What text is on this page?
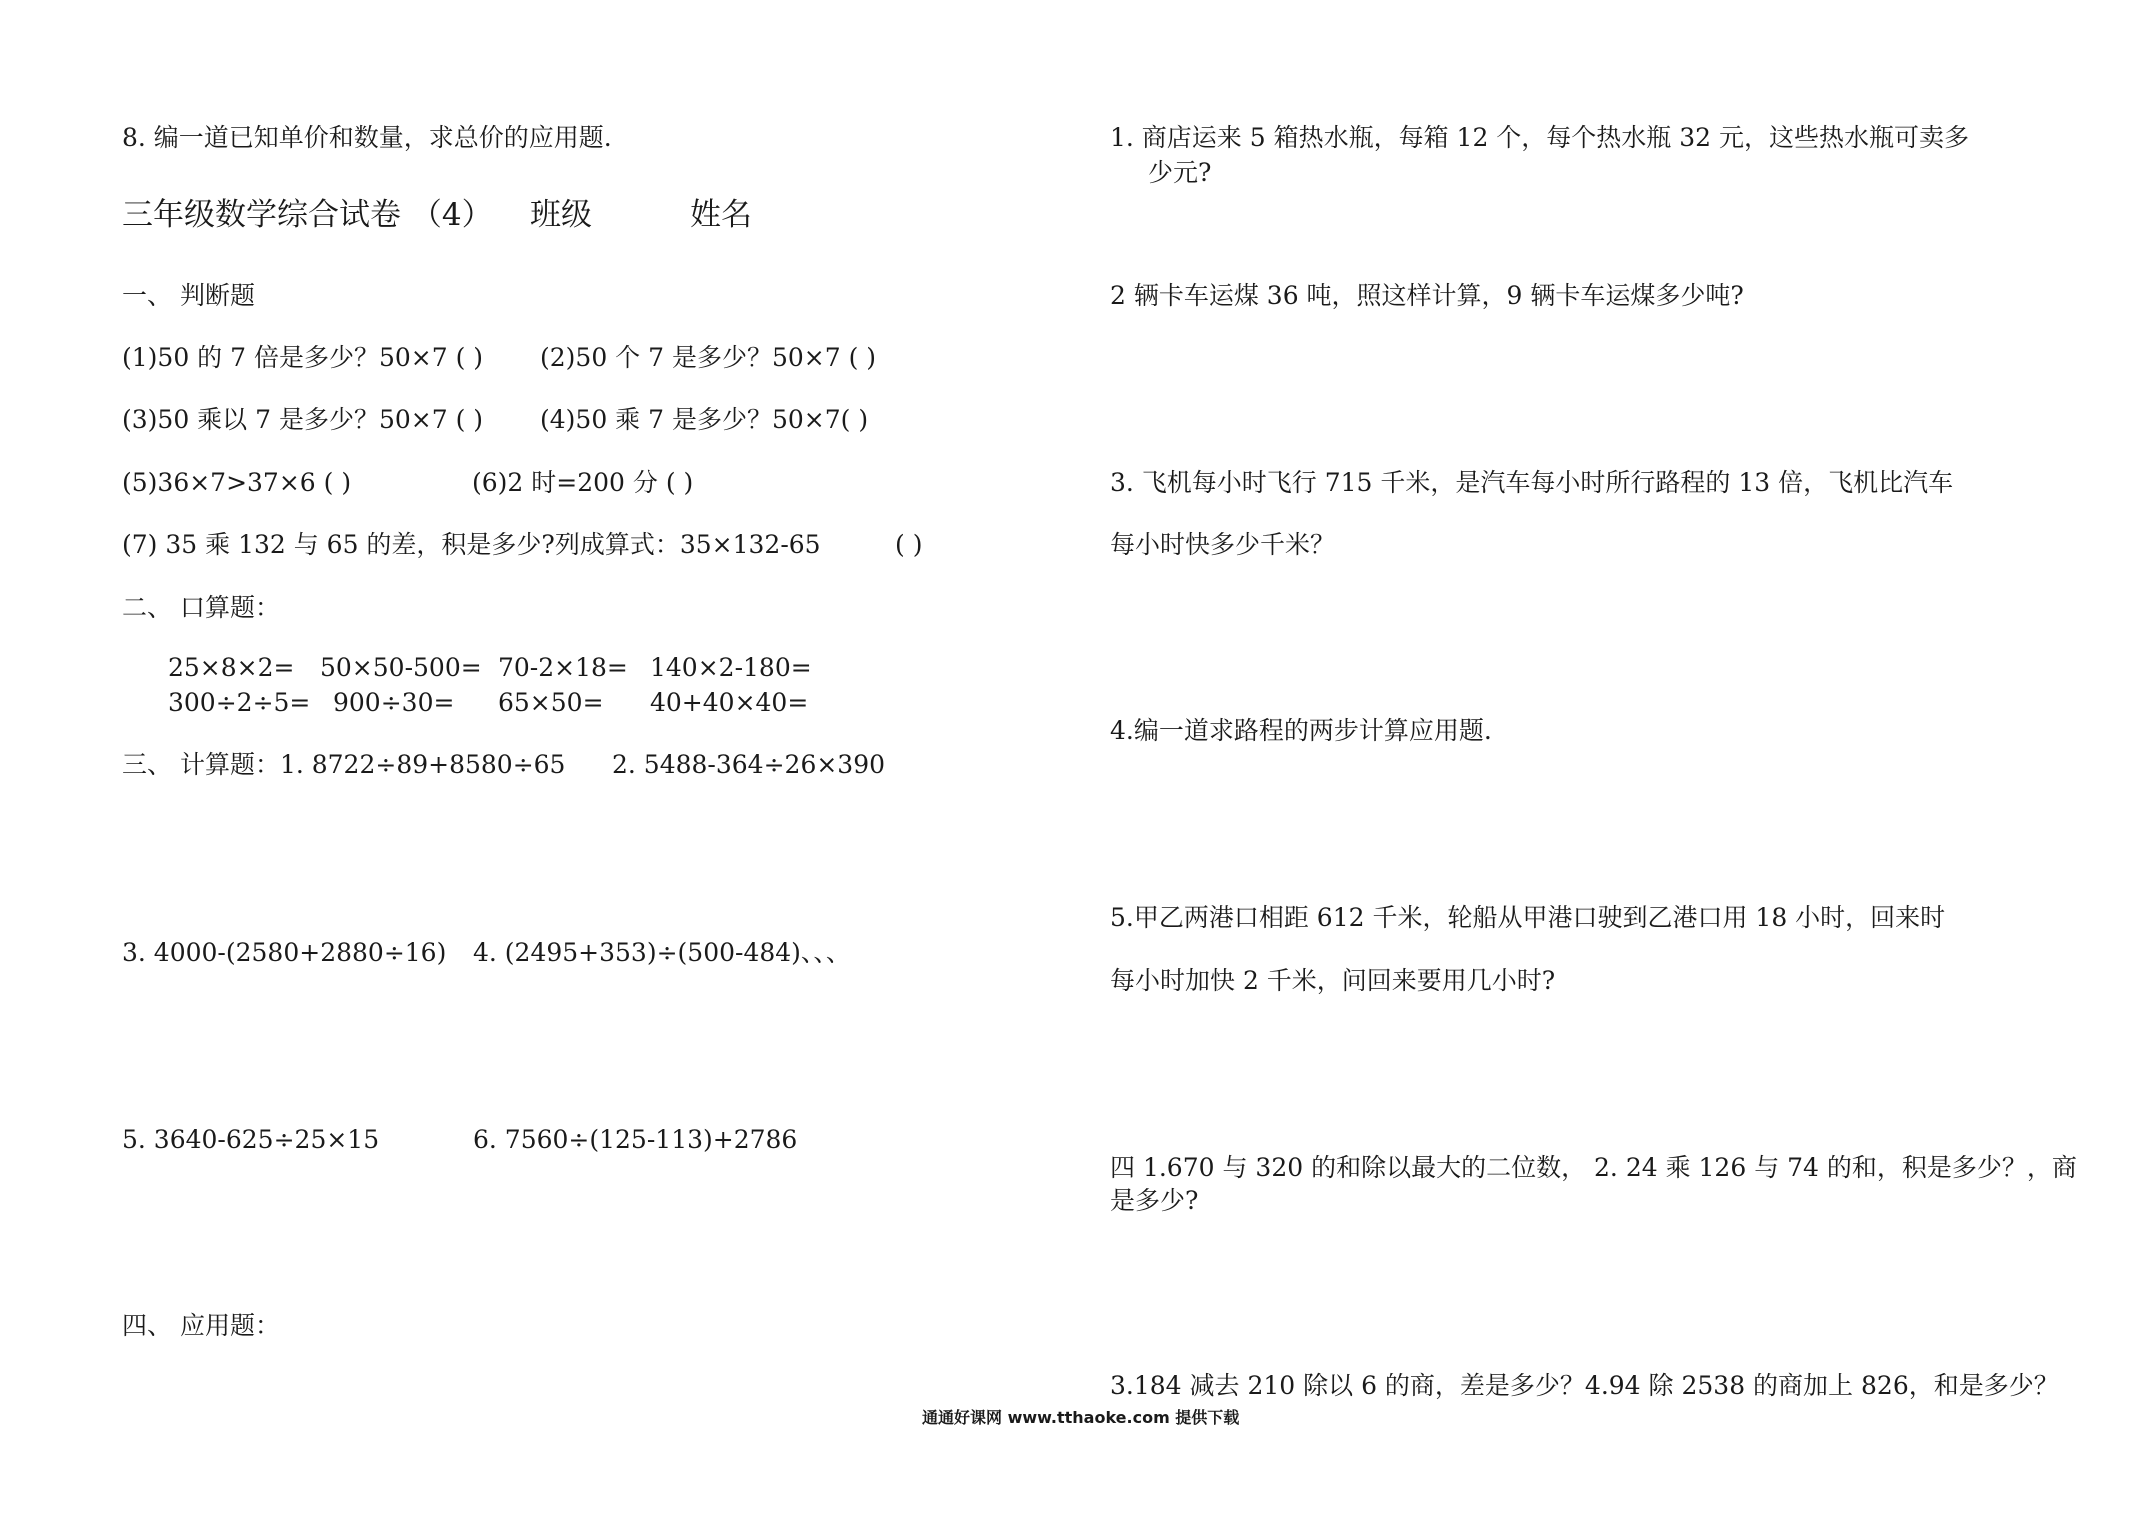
8. 编一道已知单价和数量，求总价的应用题.
三年级数学综合试卷 （4） 班级	姓名
一、 判断题
(1)50 的 7 倍是多少？50×7 ( ) (2)50 个 7 是多少？50×7 ( )
(3)50 乘以 7 是多少？50×7 ( ) (4)50 乘 7 是多少？50×7( )
(5)36×7>37×6 ( )	(6)2 时=200 分 ( )
(7) 35 乘 132 与 65 的差，积是多少?列成算式：35×132-65	( )
二、 口算题：
25×8×2= 50×50-500= 70-2×18= 140×2-180=
300÷2÷5= 900÷30= 65×50= 40+40×40=
三、 计算题：1. 8722÷89+8580÷65 2. 5488-364÷26×390
3. 4000-(2580+2880÷16) 4. (2495+353)÷(500-484)、、、
5. 3640-625÷25×15	6. 7560÷(125-113)+2786
四、 应用题：
1. 商店运来 5 箱热水瓶，每箱 12 个，每个热水瓶 32 元，这些热水瓶可卖多
少元?
2 辆卡车运煤 36 吨，照这样计算，9 辆卡车运煤多少吨?
3. 飞机每小时飞行 715 千米，是汽车每小时所行路程的 13 倍，飞机比汽车
每小时快多少千米？
4.编一道求路程的两步计算应用题.
5.甲乙两港口相距 612 千米，轮船从甲港口驶到乙港口用 18 小时，回来时
每小时加快 2 千米，问回来要用几小时?
四 1.670 与 320 的和除以最大的二位数， 2. 24 乘 126 与 74 的和，积是多少？，商
是多少?
3.184 减去 210 除以 6 的商，差是多少？4.94 除 2538 的商加上 826，和是多少？
通通好课网 www.tthaoke.com 提供下载
